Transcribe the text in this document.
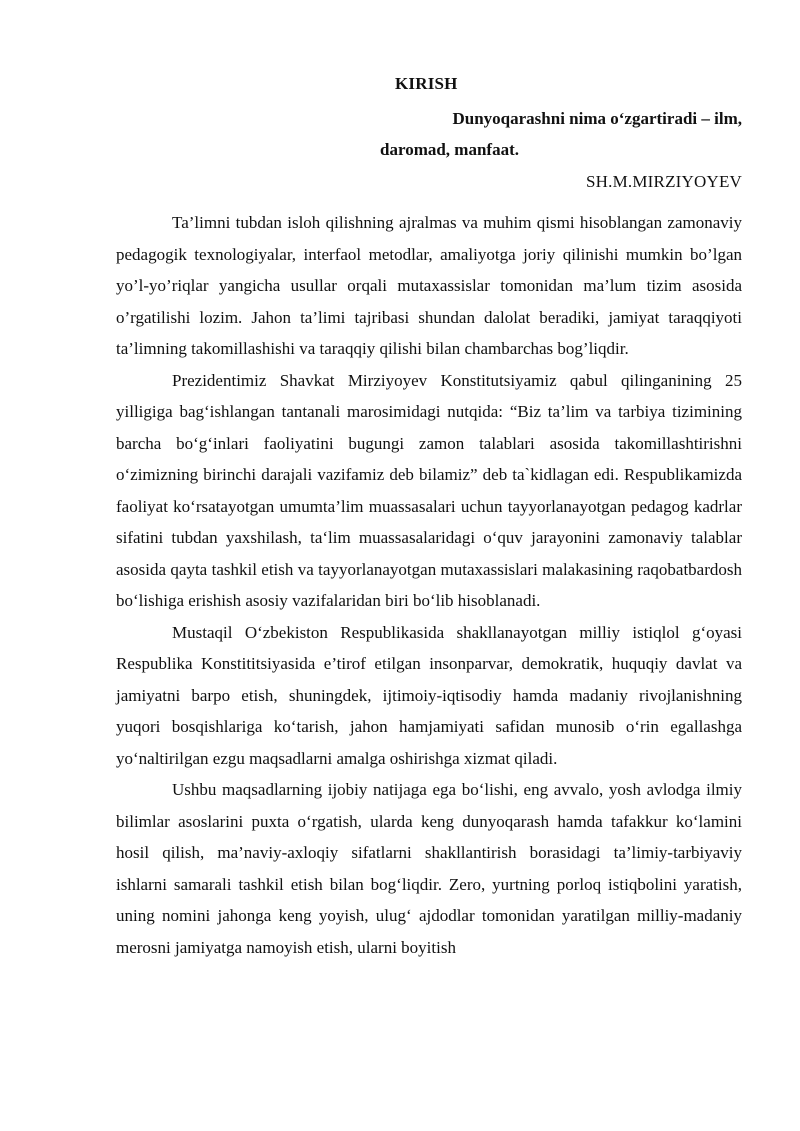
KIRISH
Dunyoqarashni nima o‘zgartiradi – ilm,
daromad, manfaat.

SH.M.MIRZIYOYEV

Ta’limni tubdan isloh qilishning ajralmas va muhim qismi hisoblangan zamonaviy pedagogik texnologiyalar, interfaol metodlar, amaliyotga joriy qilinishi mumkin bo’lgan yo’l-yo’riqlar yangicha usullar orqali mutaxassislar tomonidan ma’lum tizim asosida o’rgatilishi lozim. Jahon ta’limi tajribasi shundan dalolat beradiki, jamiyat taraqqiyoti ta’limning takomillashishi va taraqqiy qilishi bilan chambarchas bog’liqdir.

Prezidentimiz Shavkat Mirziyoyev Konstitutsiyamiz qabul qilinganining 25 yilligiga bag‘ishlangan tantanali marosimidagi nutqida: “Biz ta’lim va tarbiya tizimining barcha bo‘g‘inlari faoliyatini bugungi zamon talablari asosida takomillashtirishni o‘zimizning birinchi darajali vazifamiz deb bilamiz” deb ta`kidlagan edi. Respublikamizda faoliyat ko‘rsatayotgan umumta’lim muassasalari uchun tayyorlanayotgan pedagog kadrlar sifatini tubdan yaxshilash, ta‘lim muassasalaridagi o‘quv jarayonini zamonaviy talablar asosida qayta tashkil etish va tayyorlanayotgan mutaxassislari malakasining raqobatbardosh bo‘lishiga erishish asosiy vazifalaridan biri bo‘lib hisoblanadi.

Mustaqil O‘zbekiston Respublikasida shakllanayotgan milliy istiqlol g‘oyasi Respublika Konstititsiyasida e’tirof etilgan insonparvar, demokratik, huquqiy davlat va jamiyatni barpo etish, shuningdek, ijtimoiy-iqtisodiy hamda madaniy rivojlanishning yuqori bosqishlariga ko‘tarish, jahon hamjamiyati safidan munosib o‘rin egallashga yo‘naltirilgan ezgu maqsadlarni amalga oshirishga xizmat qiladi.

Ushbu maqsadlarning ijobiy natijaga ega bo‘lishi, eng avvalo, yosh avlodga ilmiy bilimlar asoslarini puxta o‘rgatish, ularda keng dunyoqarash hamda tafakkur ko‘lamini hosil qilish, ma’naviy-axloqiy sifatlarni shakllantirish borasidagi ta’limiy-tarbiyaviy ishlarni samarali tashkil etish bilan bog‘liqdir. Zero, yurtning porloq istiqbolini yaratish, uning nomini jahonga keng yoyish, ulug‘ ajdodlar tomonidan yaratilgan milliy-madaniy merosni jamiyatga namoyish etish, ularni boyitish
